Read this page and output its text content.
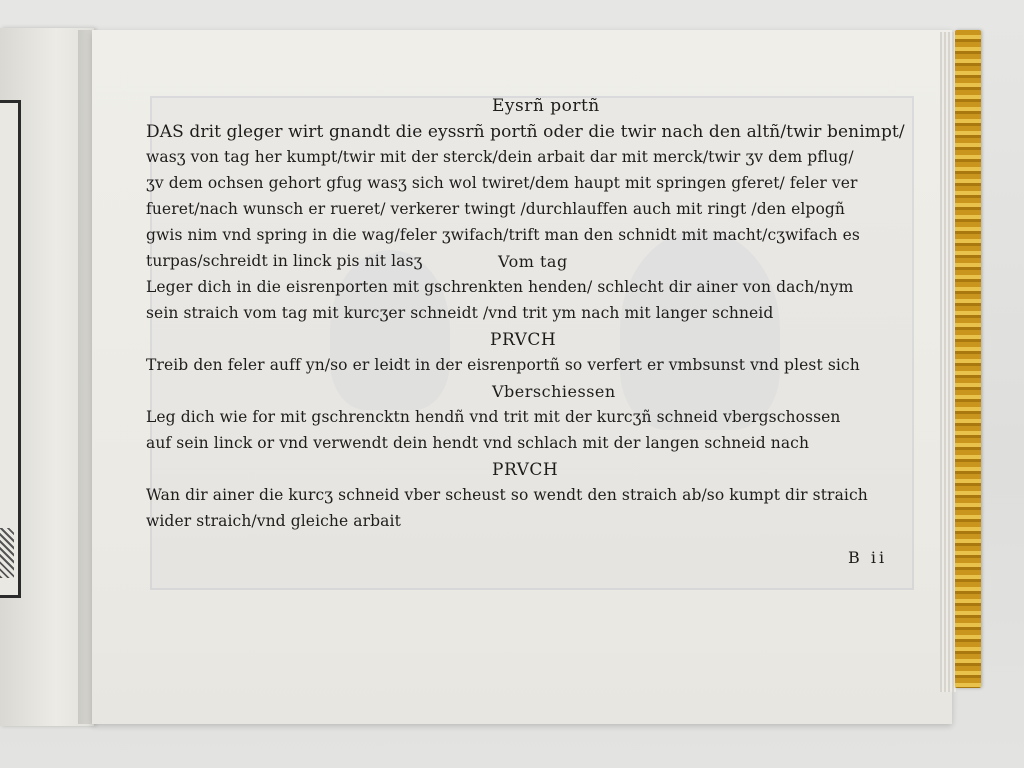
Eysrñ portñ
DAS drit gleger wirt gnandt die eyssrñ portñ oder die twir nach den altñ/twir benimpt/
wasʒ von tag her kumpt/twir mit der sterck/dein arbait dar mit merck/twir ʒv dem pflug/
ʒv dem ochsen gehort gfug wasʒ sich wol twiret/dem haupt mit springen gferet/ feler ver
fueret/nach wunsch er rueret/ verkerer twingt /durchlauffen auch mit ringt /den elpogñ
gwis nim vnd spring in die wag/feler ʒwifach/trift man den schnidt mit macht/cʒwifach es
turpas/schreidt in linck pis nit lasʒ	Vom tag
Leger dich in die eisrenporten mit gschrenkten henden/ schlecht dir ainer von dach/nym
sein straich vom tag mit kurcʒer schneidt /vnd trit ym nach mit langer schneid
PRVCH
Treib den feler auff yn/so er leidt in der eisrenportñ so verfert er vmbsunst vnd plest sich
Vberschiessen
Leg dich wie for mit gschrencktn hendñ vnd trit mit der kurcʒñ schneid vbergschossen
auf sein linck or vnd verwendt dein hendt vnd schlach mit der langen schneid nach
PRVCH
Wan dir ainer die kurcʒ schneid vber scheust so wendt den straich ab/so kumpt dir straich
wider straich/vnd gleiche arbait
B ii
